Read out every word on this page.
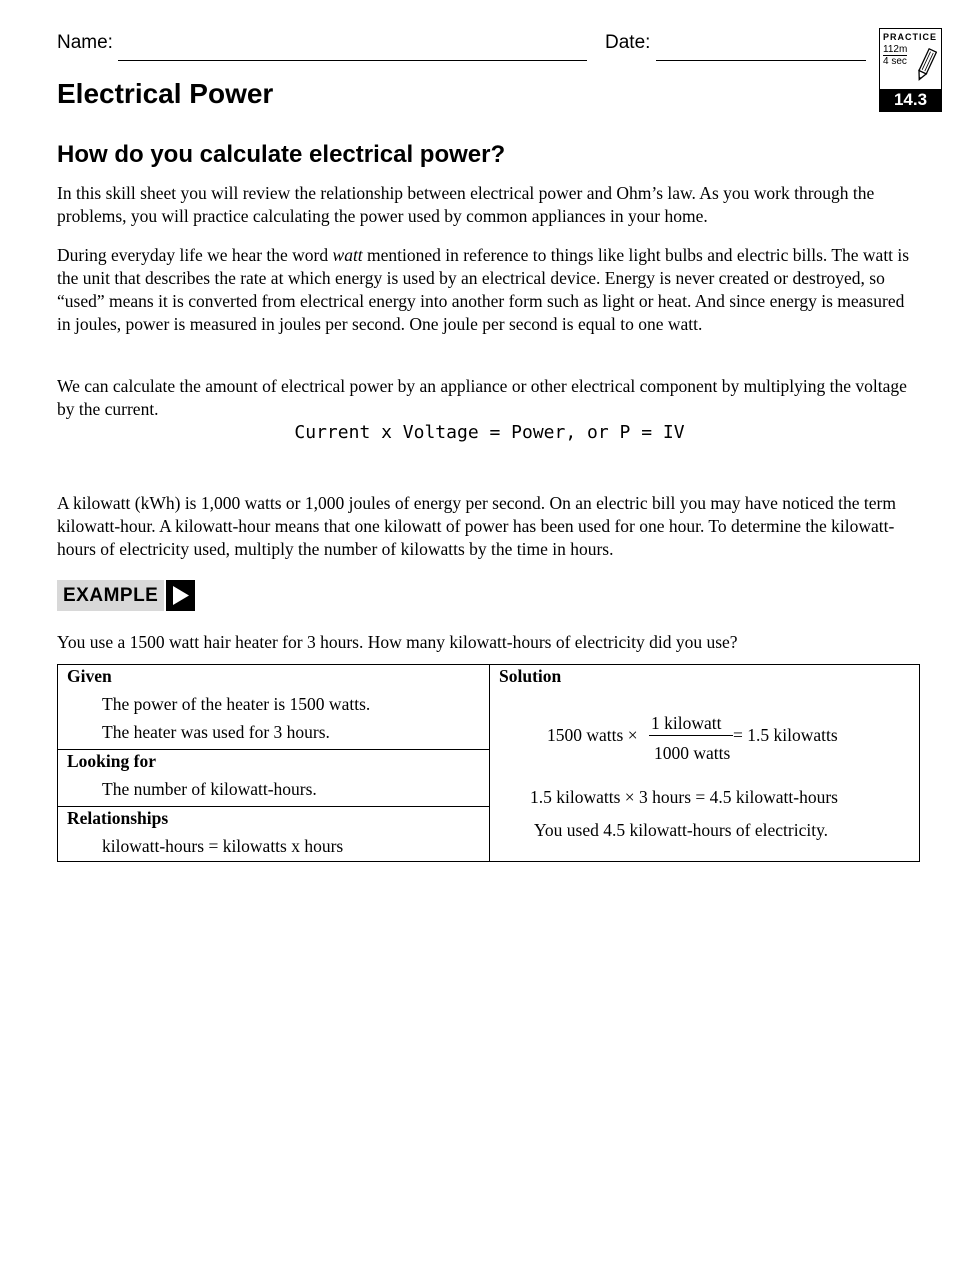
Name:	Date:	PRACTICE
112m
4 sec
14.3
Electrical Power
How do you calculate electrical power?

In this skill sheet you will review the relationship between electrical power and Ohm’s law. As you work through the problems, you will practice calculating the power used by common appliances in your home.

During everyday life we hear the word watt mentioned in reference to things like light bulbs and electric bills. The watt is the unit that describes the rate at which energy is used by an electrical device. Energy is never created or destroyed, so “used” means it is converted from electrical energy into another form such as light or heat. And since energy is measured in joules, power is measured in joules per second. One joule per second is equal to one watt.

We can calculate the amount of electrical power by an appliance or other electrical component by multiplying the voltage by the current.

Current x Voltage = Power, or P = IV

A kilowatt (kWh) is 1,000 watts or 1,000 joules of energy per second. On an electric bill you may have noticed the term kilowatt-hour. A kilowatt-hour means that one kilowatt of power has been used for one hour. To determine the kilowatt-hours of electricity used, multiply the number of kilowatts by the time in hours.

EXAMPLE

You use a 1500 watt hair heater for 3 hours. How many kilowatt-hours of electricity did you use?

Given
The power of the heater is 1500 watts.
The heater was used for 3 hours.
Looking for
The number of kilowatt-hours.
Relationships
kilowatt-hours = kilowatts x hours
Solution
1500 watts ×
1 kilowatt
1000 watts
= 1.5 kilowatts
1.5 kilowatts × 3 hours = 4.5 kilowatt-hours
You used 4.5 kilowatt-hours of electricity.
